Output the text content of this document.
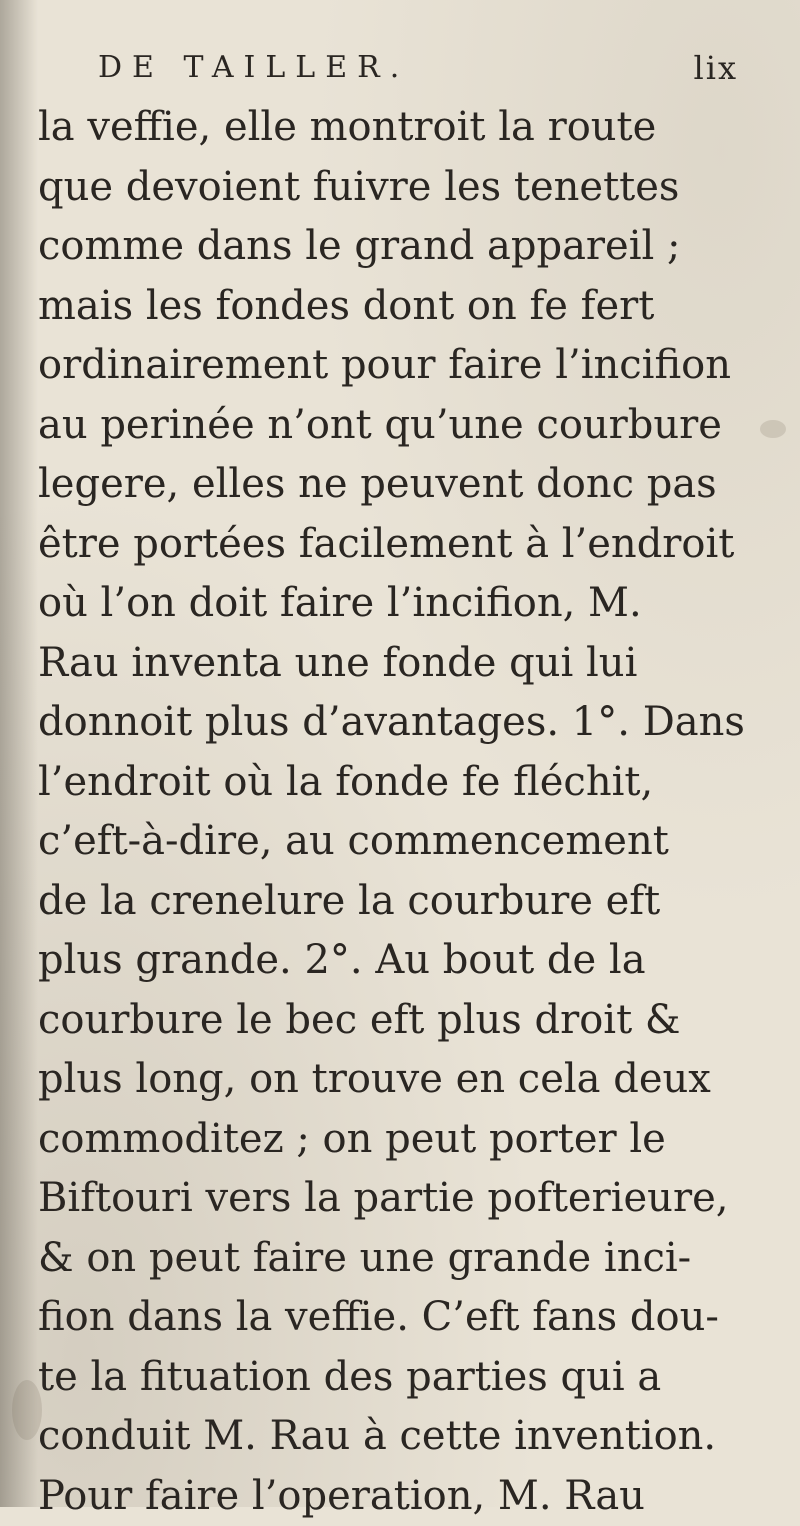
DE TAILLER.	lix
la veffie, elle montroit la route
que devoient fuivre les tenettes
comme dans le grand appareil ;
mais les fondes dont on fe fert
ordinairement pour faire l’incifion
au perinée n’ont qu’une courbure
legere, elles ne peuvent donc pas
être portées facilement à l’endroit
où l’on doit faire l’incifion, M.
Rau inventa une fonde qui lui
donnoit plus d’avantages. 1°. Dans
l’endroit où la fonde fe fléchit,
c’eft-à-dire, au commencement
de la crenelure la courbure eft
plus grande. 2°. Au bout de la
courbure le bec eft plus droit &
plus long, on trouve en cela deux
commoditez ; on peut porter le
Biftouri vers la partie pofterieure,
& on peut faire une grande inci-
fion dans la veffie. C’eft fans dou-
te la fituation des parties qui a
conduit M. Rau à cette invention.
Pour faire l’operation, M. Rau
